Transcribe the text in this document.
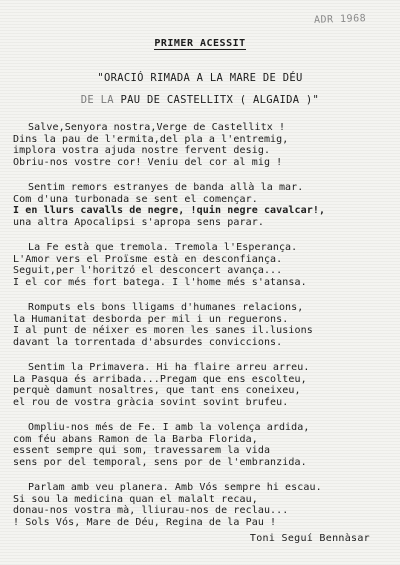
ADR 1968
PRIMER ACESSIT
"ORACIÓ RIMADA A LA MARE DE DÉU
DE LA PAU DE CASTELLITX ( ALGAIDA )"
Salve,Senyora nostra,Verge de Castellitx !
Dins la pau de l'ermita,del pla a l'entremig,
implora vostra ajuda nostre fervent desig.
Obriu-nos vostre cor! Veniu del cor al mig !
Sentim remors estranyes de banda allà la mar.
Com d'una turbonada se sent el començar.
I en llurs cavalls de negre, !quin negre cavalcar!,
una altra Apocalipsi s'apropa sens parar.
La Fe està que tremola. Tremola l'Esperança.
L'Amor vers el Proïsme està en desconfiança.
Seguit,per l'horitzó el desconcert avança...
I el cor més fort batega. I l'home més s'atansa.
Romputs els bons lligams d'humanes relacions,
la Humanitat desborda per mil i un reguerons.
I al punt de néixer es moren les sanes il.lusions
davant la torrentada d'absurdes conviccions.
Sentim la Primavera. Hi ha flaire arreu arreu.
La Pasqua és arribada...Pregam que ens escolteu,
perquè damunt nosaltres, que tant ens coneixeu,
el rou de vostra gràcia sovint sovint brufeu.
Ompliu-nos més de Fe. I amb la volença ardida,
com féu abans Ramon de la Barba Florida,
essent sempre qui som, travessarem la vida
sens por del temporal, sens por de l'embranzida.
Parlam amb veu planera. Amb Vós sempre hi escau.
Si sou la medicina quan el malalt recau,
donau-nos vostra mà, lliurau-nos de reclau...
! Sols Vós, Mare de Déu, Regina de la Pau !
Toni Seguí Bennàsar
